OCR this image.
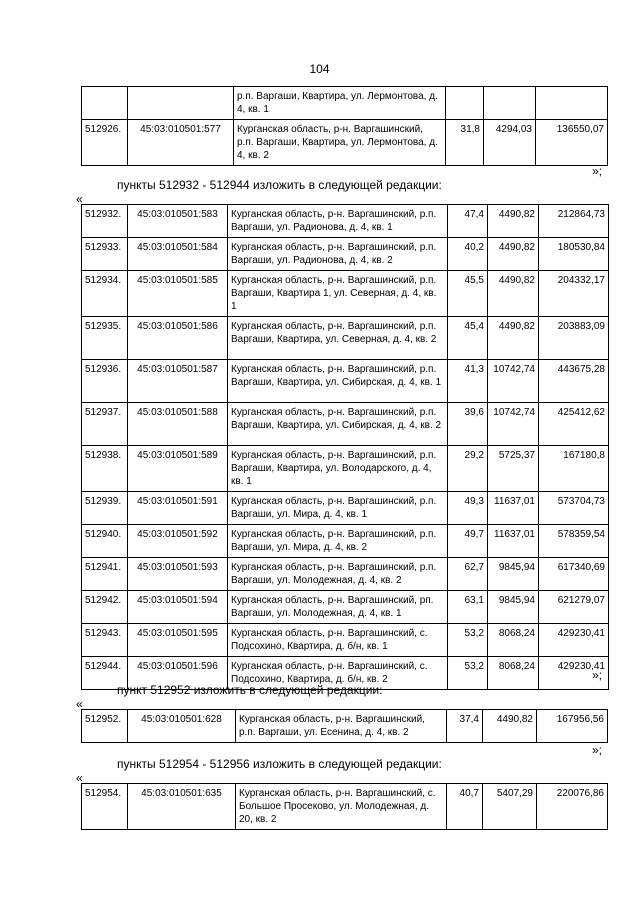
104
		р.п. Варгаши, Квартира, ул. Лермонтова, д. 4, кв. 1			
512926.	45:03:010501:577	Курганская область, р-н. Варгашинский, р.п. Варгаши, Квартира, ул. Лермонтова, д. 4, кв. 2	31,8	4294,03	136550,07
»;
пункты 512932 - 512944 изложить в следующей редакции:
«
512932.	45:03:010501:583	Курганская область, р-н. Варгашинский, р.п. Варгаши, ул. Радионова, д. 4, кв. 1	47,4	4490,82	212864,73
512933.	45:03:010501:584	Курганская область, р-н. Варгашинский, р.п. Варгаши, ул. Радионова, д. 4, кв. 2	40,2	4490,82	180530,84
512934.	45:03:010501:585	Курганская область, р-н. Варгашинский, р.п. Варгаши, Квартира 1, ул. Северная, д. 4, кв. 1	45,5	4490,82	204332,17
512935.	45:03:010501:586	Курганская область, р-н. Варгашинский, р.п. Варгаши, Квартира, ул. Северная, д. 4, кв. 2	45,4	4490,82	203883,09
512936.	45:03:010501:587	Курганская область, р-н. Варгашинский, р.п. Варгаши, Квартира, ул. Сибирская, д. 4, кв. 1	41,3	10742,74	443675,28
512937.	45:03:010501:588	Курганская область, р-н. Варгашинский, р.п. Варгаши, Квартира, ул. Сибирская, д. 4, кв. 2	39,6	10742,74	425412,62
512938.	45:03:010501:589	Курганская область, р-н. Варгашинский, р.п. Варгаши, Квартира, ул. Володарского, д. 4, кв. 1	29,2	5725,37	167180,8
512939.	45:03:010501:591	Курганская область, р-н. Варгашинский, р.п. Варгаши, ул. Мира, д. 4, кв. 1	49,3	11637,01	573704,73
512940.	45:03:010501:592	Курганская область, р-н. Варгашинский, р.п. Варгаши, ул. Мира, д. 4, кв. 2	49,7	11637,01	578359,54
512941.	45:03:010501:593	Курганская область, р-н. Варгашинский, р.п. Варгаши, ул. Молодежная, д. 4, кв. 2	62,7	9845,94	617340,69
512942.	45:03:010501:594	Курганская область, р-н. Варгашинский, рп. Варгаши, ул. Молодежная, д. 4, кв. 1	63,1	9845,94	621279,07
512943.	45:03:010501:595	Курганская область, р-н. Варгашинский, с. Подсохино, Квартира, д. б/н, кв. 1	53,2	8068,24	429230,41
512944.	45:03:010501:596	Курганская область, р-н. Варгашинский, с. Подсохино, Квартира, д. б/н, кв. 2	53,2	8068,24	429230,41
»;
пункт 512952 изложить в следующей редакции:
«
512952.	45:03:010501:628	Курганская область, р-н. Варгашинский, р.п. Варгаши, ул. Есенина, д. 4, кв. 2	37,4	4490,82	167956,56
»;
пункты 512954 - 512956 изложить в следующей редакции:
«
512954.	45:03:010501:635	Курганская область, р-н. Варгашинский, с. Большое Просеково, ул. Молодежная, д. 20, кв. 2	40,7	5407,29	220076,86
